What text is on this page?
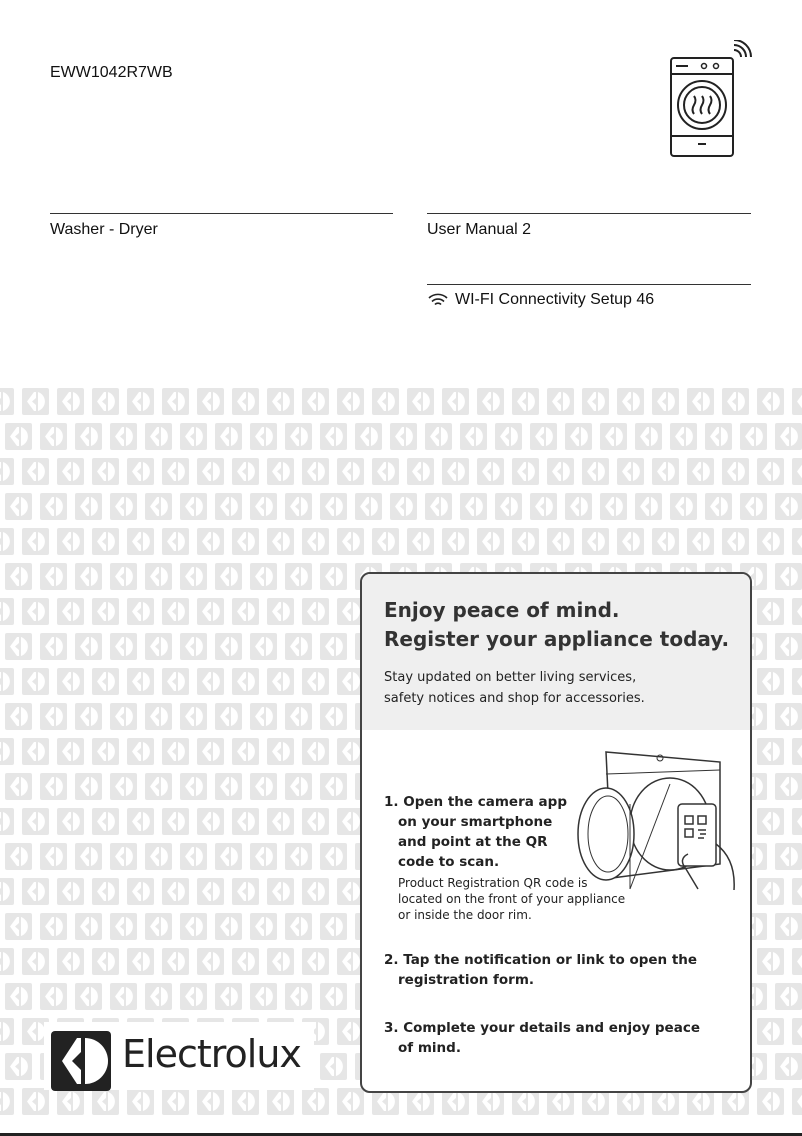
EWW1042R7WB
Washer - Dryer	User Manual 2
WI-FI Connectivity Setup 46
Enjoy peace of mind.
Register your appliance today.
Stay updated on better living services,
safety notices and shop for accessories.
1. Open the camera app
on your smartphone
and point at the QR
code to scan.
Product Registration QR code is
located on the front of your appliance
or inside the door rim.
2. Tap the notification or link to open the
registration form.
3. Complete your details and enjoy peace
of mind.
Electrolux
